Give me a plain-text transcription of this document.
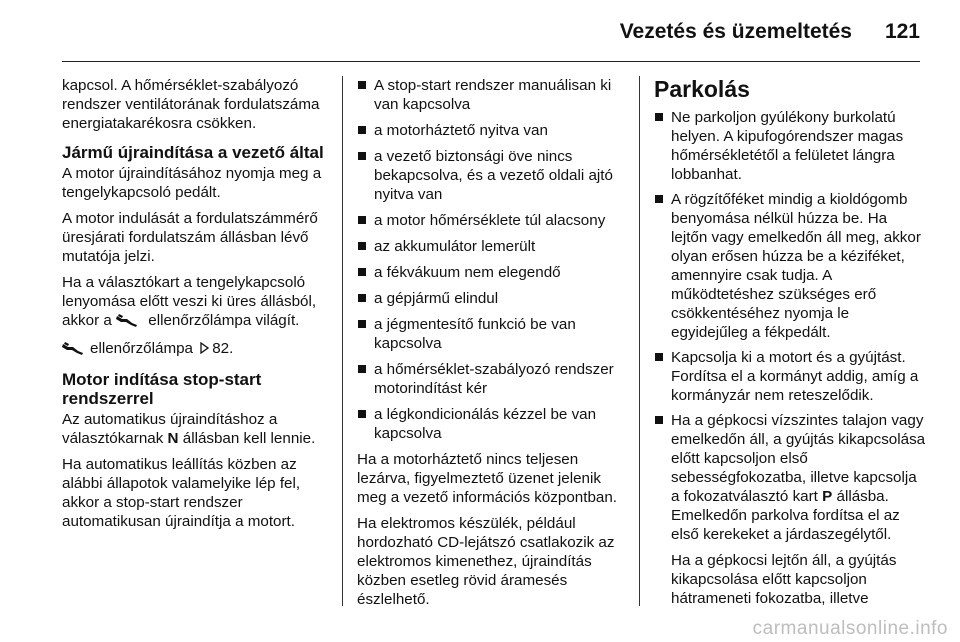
Vezetés és üzemeltetés 121

kapcsol. A hőmérséklet-szabályozó rendszer ventilátorának fordulatszáma energiatakarékosra csökken.

Jármű újraindítása a vezető által

A motor újraindításához nyomja meg a tengelykapcsoló pedált.

A motor indulását a fordulatszámmérő üresjárati fordulatszám állásban lévő mutatója jelzi.

Ha a választókart a tengelykapcsoló lenyomása előtt veszi ki üres állásból, akkor a ellenőrzőlámpa világít.

ellenőrzőlámpa 82.

Motor indítása stop-start rendszerrel

Az automatikus újraindításhoz a választókarnak N állásban kell lennie.

Ha automatikus leállítás közben az alábbi állapotok valamelyike lép fel, akkor a stop-start rendszer automatikusan újraindítja a motort.

A stop-start rendszer manuálisan ki van kapcsolva
a motorháztető nyitva van
a vezető biztonsági öve nincs bekapcsolva, és a vezető oldali ajtó nyitva van
a motor hőmérséklete túl alacsony
az akkumulátor lemerült
a fékvákuum nem elegendő
a gépjármű elindul
a jégmentesítő funkció be van kapcsolva
a hőmérséklet-szabályozó rendszer motorindítást kér
a légkondicionálás kézzel be van kapcsolva

Ha a motorháztető nincs teljesen lezárva, figyelmeztető üzenet jelenik meg a vezető információs központban.

Ha elektromos készülék, például hordozható CD-lejátszó csatlakozik az elektromos kimenethez, újraindítás közben esetleg rövid áramesés észlelhető.

Parkolás
Ne parkoljon gyúlékony burkolatú helyen. A kipufogórendszer magas hőmérsékletétől a felületet lángra lobbanhat.
A rögzítőféket mindig a kioldógomb benyomása nélkül húzza be. Ha lejtőn vagy emelkedőn áll meg, akkor olyan erősen húzza be a kéziféket, amennyire csak tudja. A működtetéshez szükséges erő csökkentéséhez nyomja le egyidejűleg a fékpedált.
Kapcsolja ki a motort és a gyújtást. Fordítsa el a kormányt addig, amíg a kormányzár nem reteszelődik.
Ha a gépkocsi vízszintes talajon vagy emelkedőn áll, a gyújtás kikapcsolása előtt kapcsoljon első sebességfokozatba, illetve kapcsolja a fokozatválasztó kart P állásba. Emelkedőn parkolva fordítsa el az első kerekeket a járdaszegélytől.

Ha a gépkocsi lejtőn áll, a gyújtás kikapcsolása előtt kapcsoljon hátrameneti fokozatba, illetve

carmanualsonline.info
